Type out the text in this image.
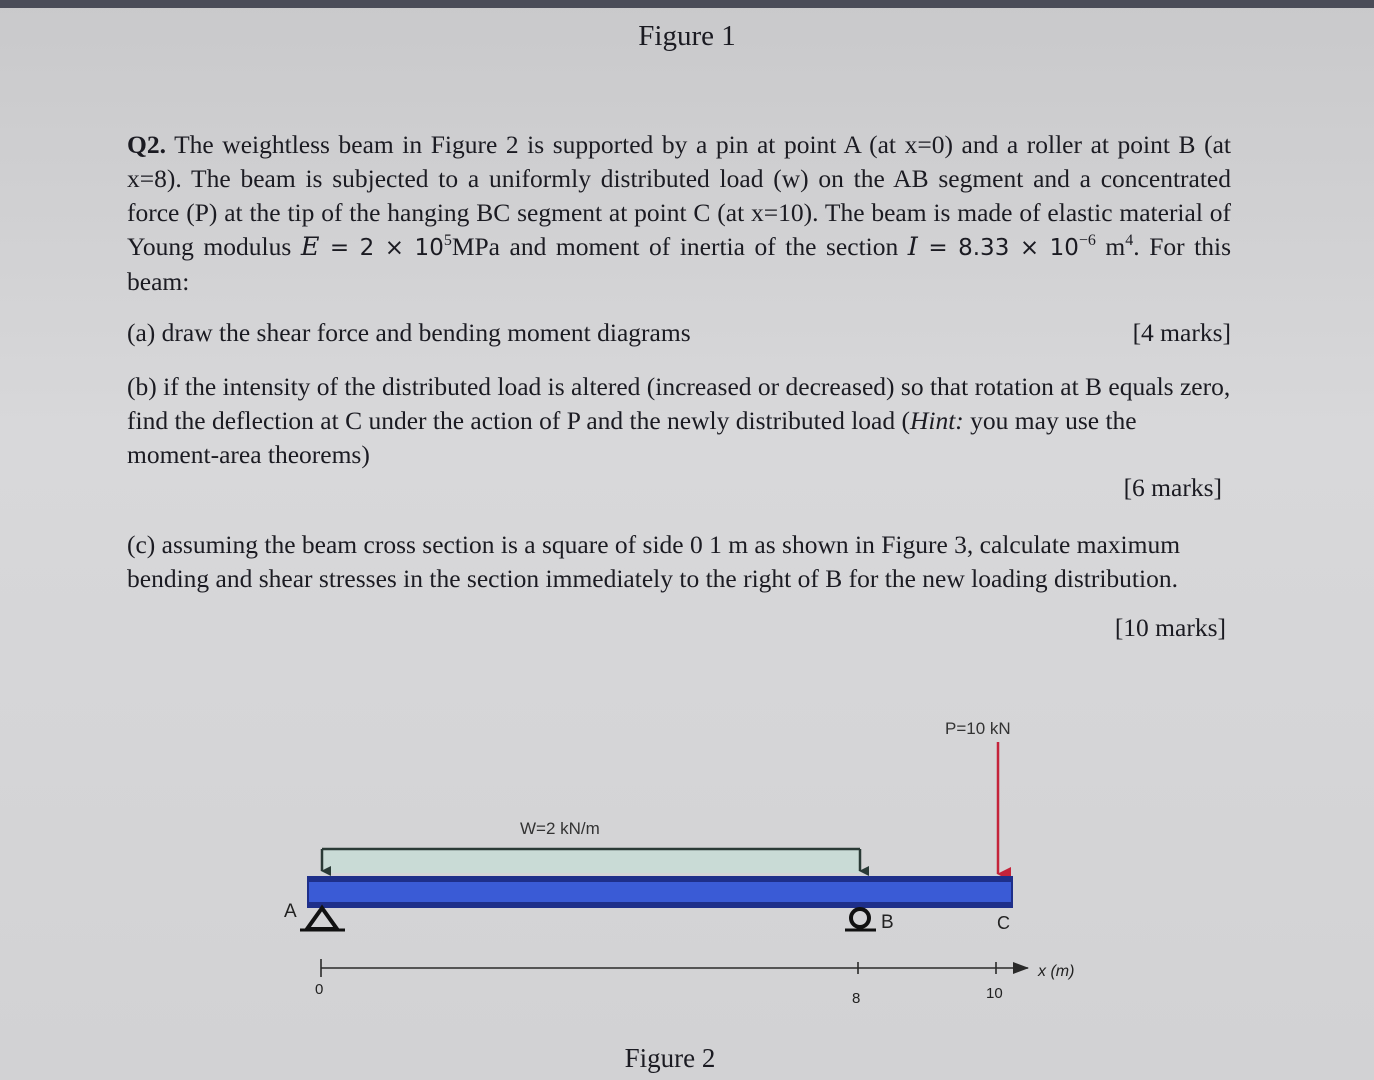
Figure 1
Q2. The weightless beam in Figure 2 is supported by a pin at point A (at x=0) and a roller at point B (at x=8). The beam is subjected to a uniformly distributed load (w) on the AB segment and a concentrated force (P) at the tip of the hanging BC segment at point C (at x=10). The beam is made of elastic material of Young modulus $E = 2 \times 10^5MPa$ and moment of inertia of the section $I = 8.33 \times 10^{-6}$ $m^4$. For this beam:
(a) draw the shear force and bending moment diagrams	[4 marks]
(b) if the intensity of the distributed load is altered (increased or decreased) so that rotation at B equals zero, find the deflection at C under the action of P and the newly distributed load (Hint: you may use the moment-area theorems)
[6 marks]
(c) assuming the beam cross section is a square of side 0 1 m as shown in Figure 3, calculate maximum bending and shear stresses in the section immediately to the right of B for the new loading distribution.
[10 marks]
W=2 kN/m
P=10 kN
A
B	C
0
8	10
x (m)
Figure 2
